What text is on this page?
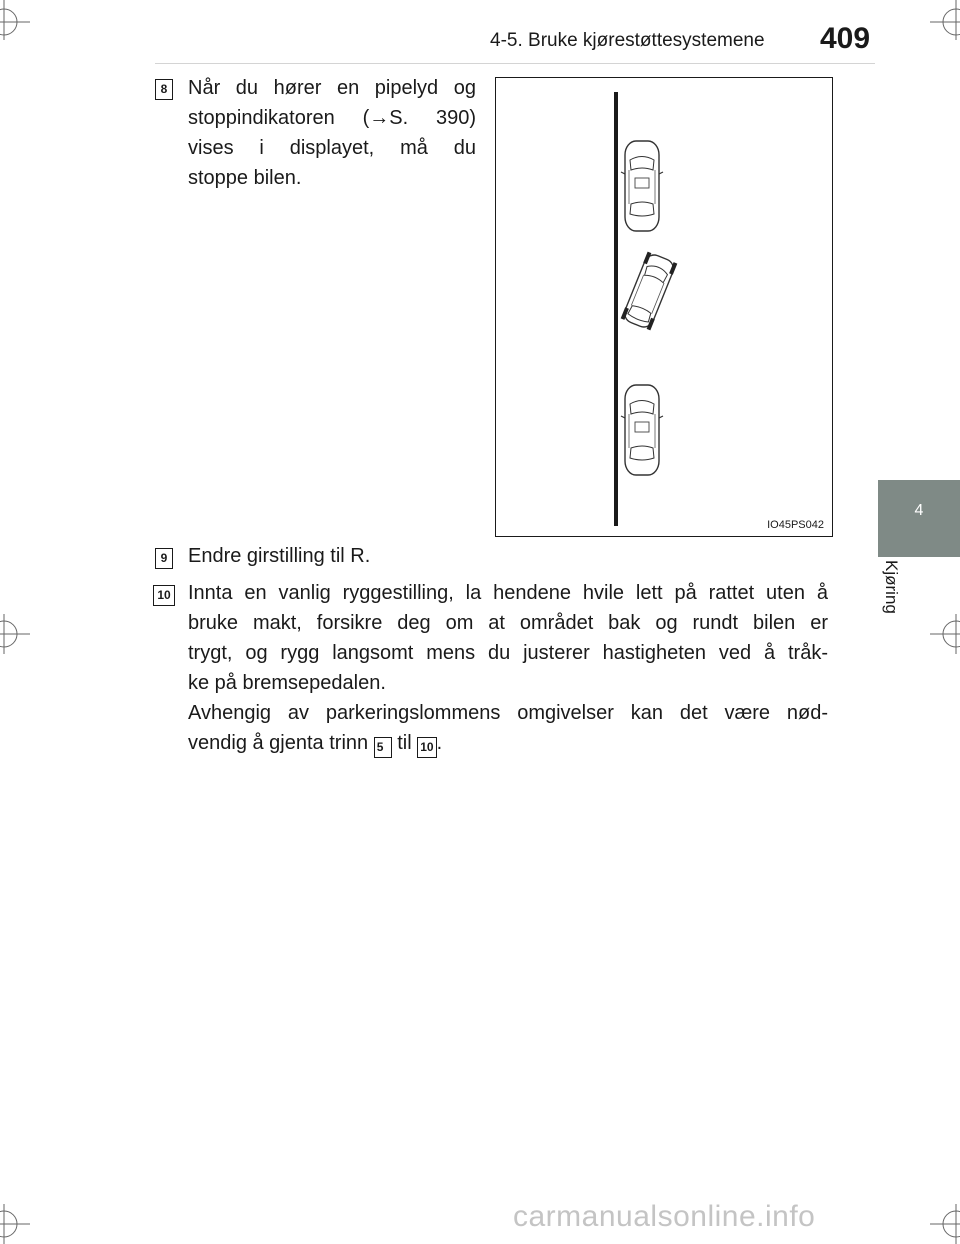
4-5. Bruke kjørestøttesystemene 409
4
Kjøring
8 Når du hører en pipelyd og
stoppindikatoren (→S. 390)
vises i displayet, må du
stoppe bilen.
IO45PS042
9 Endre girstilling til R.
10 Innta en vanlig ryggestilling, la hendene hvile lett på rattet uten å
bruke makt, forsikre deg om at området bak og rundt bilen er
trygt, og rygg langsomt mens du justerer hastigheten ved å tråk-
ke på bremsepedalen.
Avhengig av parkeringslommens omgivelser kan det være nød-
vendig å gjenta trinn 5 til 10 .
carmanualsonline.info
